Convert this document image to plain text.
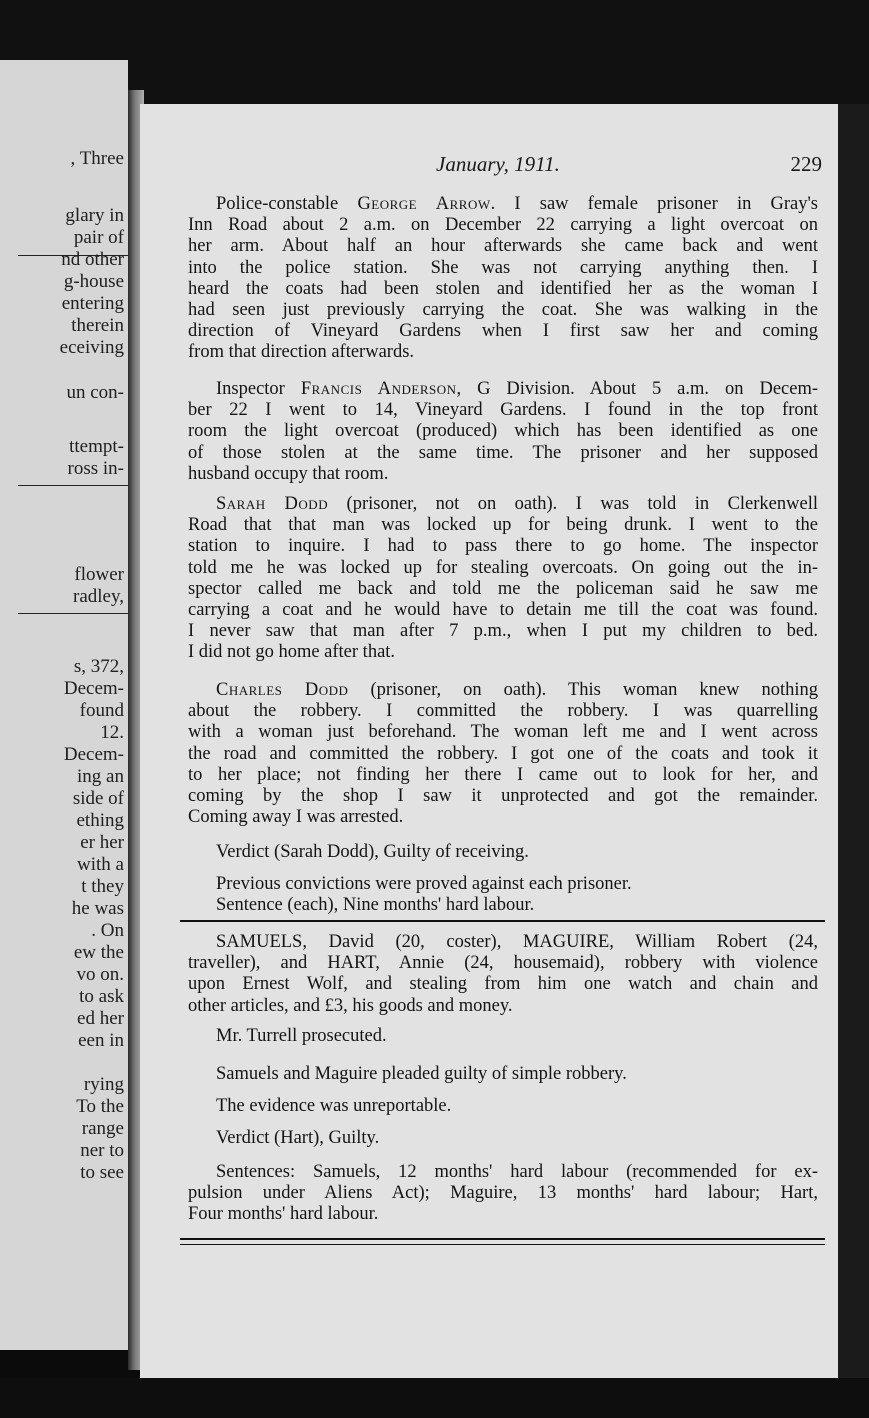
, Three
glary in
pair of
nd other
g-house
entering
therein
eceiving
un con-
ttempt-
ross in-
flower
radley,
s, 372,
Decem-
found
12.
Decem-
ing an
side of
ething
er her
with a
t they
he was
. On
ew the
vo on.
to ask
ed her
een in
rying
To the
range
ner to
to see
January, 1911.	229
Police-constable George Arrow. I saw female prisoner in Gray's
Inn Road about 2 a.m. on December 22 carrying a light overcoat on
her arm. About half an hour afterwards she came back and went
into the police station. She was not carrying anything then. I
heard the coats had been stolen and identified her as the woman I
had seen just previously carrying the coat. She was walking in the
direction of Vineyard Gardens when I first saw her and coming
from that direction afterwards.
Inspector Francis Anderson, G Division. About 5 a.m. on Decem-
ber 22 I went to 14, Vineyard Gardens. I found in the top front
room the light overcoat (produced) which has been identified as one
of those stolen at the same time. The prisoner and her supposed
husband occupy that room.
Sarah Dodd (prisoner, not on oath). I was told in Clerkenwell
Road that that man was locked up for being drunk. I went to the
station to inquire. I had to pass there to go home. The inspector
told me he was locked up for stealing overcoats. On going out the in-
spector called me back and told me the policeman said he saw me
carrying a coat and he would have to detain me till the coat was found.
I never saw that man after 7 p.m., when I put my children to bed.
I did not go home after that.
Charles Dodd (prisoner, on oath). This woman knew nothing
about the robbery. I committed the robbery. I was quarrelling
with a woman just beforehand. The woman left me and I went across
the road and committed the robbery. I got one of the coats and took it
to her place; not finding her there I came out to look for her, and
coming by the shop I saw it unprotected and got the remainder.
Coming away I was arrested.
Verdict (Sarah Dodd), Guilty of receiving.
Previous convictions were proved against each prisoner.
Sentence (each), Nine months' hard labour.
SAMUELS, David (20, coster), MAGUIRE, William Robert (24,
traveller), and HART, Annie (24, housemaid), robbery with violence
upon Ernest Wolf, and stealing from him one watch and chain and
other articles, and £3, his goods and money.
Mr. Turrell prosecuted.
Samuels and Maguire pleaded guilty of simple robbery.
The evidence was unreportable.
Verdict (Hart), Guilty.
Sentences: Samuels, 12 months' hard labour (recommended for ex-
pulsion under Aliens Act); Maguire, 13 months' hard labour; Hart,
Four months' hard labour.
